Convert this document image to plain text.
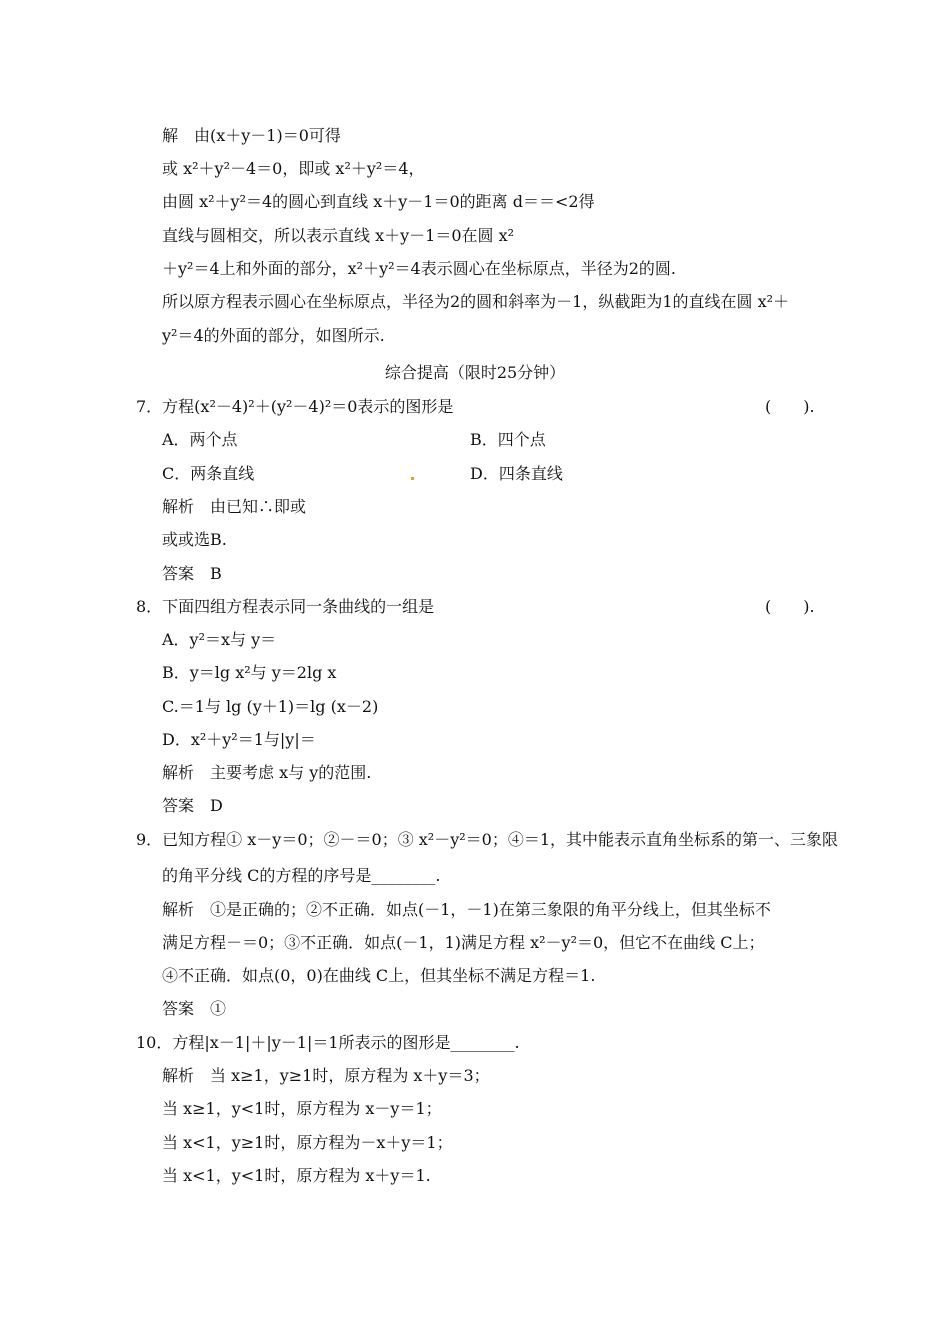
解　由(x＋y－1)＝0可得
或 x²＋y²－4＝0，即或 x²＋y²＝4，
由圆 x²＋y²＝4的圆心到直线 x＋y－1＝0的距离 d＝＝<2得
直线与圆相交，所以表示直线 x＋y－1＝0在圆 x²
＋y²＝4上和外面的部分，x²＋y²＝4表示圆心在坐标原点，半径为2的圆.
所以原方程表示圆心在坐标原点，半径为2的圆和斜率为－1，纵截距为1的直线在圆 x²＋
y²＝4的外面的部分，如图所示.
综合提高（限时25分钟）
7．方程(x²－4)²＋(y²－4)²＝0表示的图形是	(　　).
A．两个点	B．四个点
C．两条直线	D．四条直线
解析　由已知∴即或
或或选B.
答案　B
8．下面四组方程表示同一条曲线的一组是	(　　).
A．y²＝x与 y＝
B．y＝lg x²与 y＝2lg x
C.＝1与 lg (y＋1)＝lg (x－2)
D．x²＋y²＝1与|y|＝
解析　主要考虑 x与 y的范围.
答案　D
9．已知方程① x－y＝0；②－＝0；③ x²－y²＝0；④＝1，其中能表示直角坐标系的第一、三象限
的角平分线 C的方程的序号是________.
解析　①是正确的；②不正确．如点(－1，－1)在第三象限的角平分线上，但其坐标不
满足方程－＝0；③不正确．如点(－1，1)满足方程 x²－y²＝0，但它不在曲线 C上；
④不正确．如点(0，0)在曲线 C上，但其坐标不满足方程＝1.
答案　①
10．方程|x－1|＋|y－1|＝1所表示的图形是________.
解析　当 x≥1，y≥1时，原方程为 x＋y＝3；
当 x≥1，y<1时，原方程为 x－y＝1；
当 x<1，y≥1时，原方程为－x＋y＝1；
当 x<1，y<1时，原方程为 x＋y＝1.
